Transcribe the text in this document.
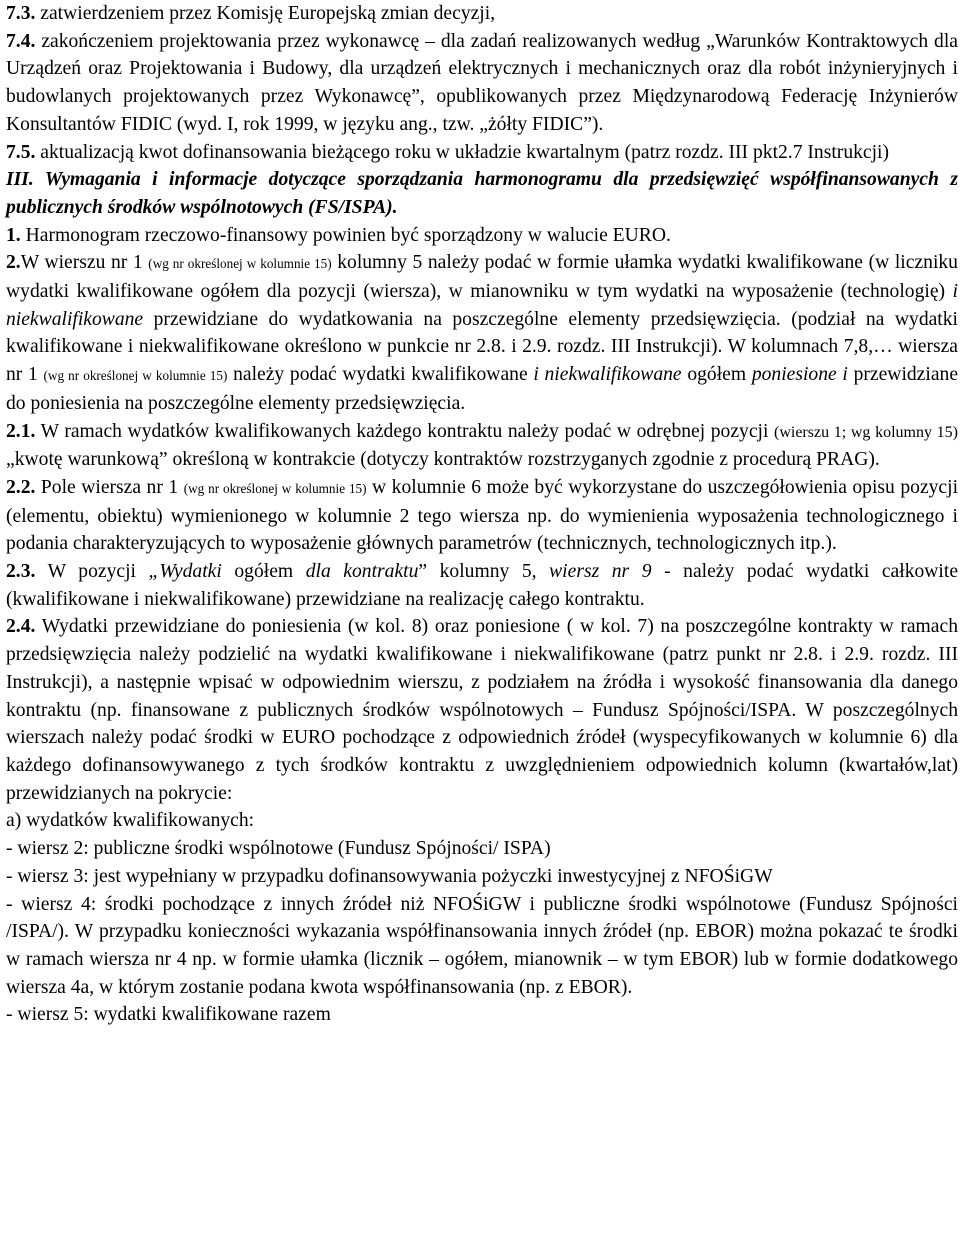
7.3. zatwierdzeniem przez Komisję Europejską zmian decyzji,

7.4. zakończeniem projektowania przez wykonawcę – dla zadań realizowanych według „Warunków Kontraktowych dla Urządzeń oraz Projektowania i Budowy, dla urządzeń elektrycznych i mechanicznych oraz dla robót inżynieryjnych i budowlanych projektowanych przez Wykonawcę”, opublikowanych przez Międzynarodową Federację Inżynierów Konsultantów FIDIC (wyd. I, rok 1999, w języku ang., tzw. „żółty FIDIC”).

7.5. aktualizacją kwot dofinansowania bieżącego roku w układzie kwartalnym (patrz rozdz. III pkt2.7 Instrukcji)

III. Wymagania i informacje dotyczące sporządzania harmonogramu dla przedsięwzięć współfinansowanych z publicznych środków wspólnotowych (FS/ISPA).

1. Harmonogram rzeczowo-finansowy powinien być sporządzony w walucie EURO.

2.W wierszu nr 1 (wg nr określonej w kolumnie 15) kolumny 5 należy podać w formie ułamka wydatki kwalifikowane (w liczniku wydatki kwalifikowane ogółem dla pozycji (wiersza), w mianowniku w tym wydatki na wyposażenie (technologię) i niekwalifikowane przewidziane do wydatkowania na poszczególne elementy przedsięwzięcia. (podział na wydatki kwalifikowane i niekwalifikowane określono w punkcie nr 2.8. i 2.9. rozdz. III Instrukcji). W kolumnach 7,8,… wiersza nr 1 (wg nr określonej w kolumnie 15) należy podać wydatki kwalifikowane i niekwalifikowane ogółem poniesione i przewidziane do poniesienia na poszczególne elementy przedsięwzięcia.

2.1. W ramach wydatków kwalifikowanych każdego kontraktu należy podać w odrębnej pozycji (wierszu 1; wg kolumny 15) „kwotę warunkową” określoną w kontrakcie (dotyczy kontraktów rozstrzyganych zgodnie z procedurą PRAG).

2.2. Pole wiersza nr 1 (wg nr określonej w kolumnie 15) w kolumnie 6 może być wykorzystane do uszczegółowienia opisu pozycji (elementu, obiektu) wymienionego w kolumnie 2 tego wiersza np. do wymienienia wyposażenia technologicznego i podania charakteryzujących to wyposażenie głównych parametrów (technicznych, technologicznych itp.).

2.3. W pozycji „Wydatki ogółem dla kontraktu” kolumny 5, wiersz nr 9 - należy podać wydatki całkowite (kwalifikowane i niekwalifikowane) przewidziane na realizację całego kontraktu.

2.4. Wydatki przewidziane do poniesienia (w kol. 8) oraz poniesione ( w kol. 7) na poszczególne kontrakty w ramach przedsięwzięcia należy podzielić na wydatki kwalifikowane i niekwalifikowane (patrz punkt nr 2.8. i 2.9. rozdz. III Instrukcji), a następnie wpisać w odpowiednim wierszu, z podziałem na źródła i wysokość finansowania dla danego kontraktu (np. finansowane z publicznych środków wspólnotowych – Fundusz Spójności/ISPA. W poszczególnych wierszach należy podać środki w EURO pochodzące z odpowiednich źródeł (wyspecyfikowanych w kolumnie 6) dla każdego dofinansowywanego z tych środków kontraktu z uwzględnieniem odpowiednich kolumn (kwartałów,lat) przewidzianych na pokrycie:

a) wydatków kwalifikowanych:

- wiersz 2: publiczne środki wspólnotowe (Fundusz Spójności/ ISPA)

- wiersz 3: jest wypełniany w przypadku dofinansowywania pożyczki inwestycyjnej z NFOŚiGW

- wiersz 4: środki pochodzące z innych źródeł niż NFOŚiGW i publiczne środki wspólnotowe (Fundusz Spójności /ISPA/). W przypadku konieczności wykazania współfinansowania innych źródeł (np. EBOR) można pokazać te środki w ramach wiersza nr 4 np. w formie ułamka (licznik – ogółem, mianownik – w tym EBOR) lub w formie dodatkowego wiersza 4a, w którym zostanie podana kwota współfinansowania (np. z EBOR).

- wiersz 5: wydatki kwalifikowane razem
